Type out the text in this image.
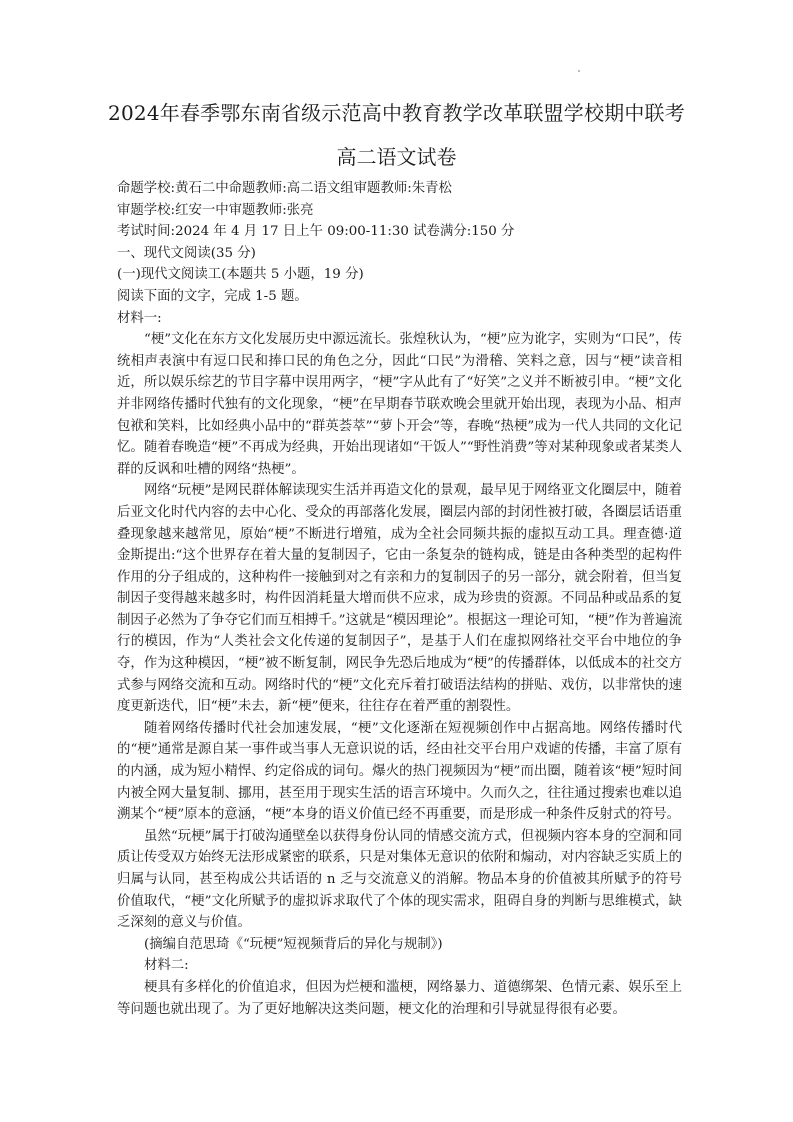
2024年春季鄂东南省级示范高中教育教学改革联盟学校期中联考
高二语文试卷

命题学校:黄石二中命题教师:高二语文组审题教师:朱青松

审题学校:红安一中审题教师:张亮

考试时间:2024 年 4 月 17 日上午 09:00-11:30 试卷满分:150 分

一、现代文阅读(35 分)

(一)现代文阅读工(本题共 5 小题，19 分)

阅读下面的文字，完成 1-5 题。

材料一:

“梗”文化在东方文化发展历史中源远流长。张煌秋认为，“梗”应为讹字，实则为“口民”，传统相声表演中有逗口民和捧口民的角色之分，因此“口民”为滑稽、笑料之意，因与“梗”读音相近，所以娱乐综艺的节目字幕中误用两字，“梗”字从此有了“好笑”之义并不断被引申。“梗”文化并非网络传播时代独有的文化现象，“梗”在早期春节联欢晚会里就开始出现，表现为小品、相声包袱和笑料，比如经典小品中的“群英荟萃”“萝卜开会”等，春晚“热梗”成为一代人共同的文化记忆。随着春晚造“梗”不再成为经典，开始出现诸如“干饭人”“野性消费”等对某种现象或者某类人群的反讽和吐槽的网络“热梗”。

网络“玩梗”是网民群体解读现实生活并再造文化的景观，最早见于网络亚文化圈层中，随着后亚文化时代内容的去中心化、受众的再部落化发展，圈层内部的封闭性被打破，各圈层话语重叠现象越来越常见，原始“梗”不断进行增殖，成为全社会同频共振的虚拟互动工具。理查德·道金斯提出:“这个世界存在着大量的复制因子，它由一条复杂的链构成，链是由各种类型的起构件作用的分子组成的，这种构件一接触到对之有亲和力的复制因子的另一部分，就会附着，但当复制因子变得越来越多时，构件因消耗量大增而供不应求，成为珍贵的资源。不同品种或品系的复制因子必然为了争夺它们而互相搏千。”这就是“模因理论”。根据这一理论可知，“梗”作为普遍流行的模因，作为“人类社会文化传递的复制因子”，是基于人们在虚拟网络社交平台中地位的争夺，作为这种模因，“梗”被不断复制，网民争先恐后地成为“梗”的传播群体，以低成本的社交方式参与网络交流和互动。网络时代的“梗”文化充斥着打破语法结构的拼贴、戏仿，以非常快的速度更新迭代，旧“梗”未去，新“梗”便来，往往存在着严重的割裂性。

随着网络传播时代社会加速发展，“梗”文化逐渐在短视频创作中占据高地。网络传播时代的“梗”通常是源自某一事件或当事人无意识说的话，经由社交平台用户戏谑的传播，丰富了原有的内涵，成为短小精悍、约定俗成的词句。爆火的热门视频因为“梗”而出圈，随着该“梗”短时间内被全网大量复制、挪用，甚至用于现实生活的语言环境中。久而久之，往往通过搜索也难以追溯某个“梗”原本的意涵，“梗”本身的语义价值已经不再重要，而是形成一种条件反射式的符号。

虽然“玩梗”属于打破沟通壁垒以获得身份认同的情感交流方式，但视频内容本身的空洞和同质让传受双方始终无法形成紧密的联系，只是对集体无意识的依附和煽动，对内容缺乏实质上的归属与认同，甚至构成公共话语的 n 乏与交流意义的消解。物品本身的价值被其所赋予的符号价值取代，“梗”文化所赋予的虚拟诉求取代了个体的现实需求，阻碍自身的判断与思维模式，缺乏深刻的意义与价值。

(摘编自范思琦《“玩梗”短视频背后的异化与规制》)

材料二:

梗具有多样化的价值追求，但因为烂梗和滥梗，网络暴力、道德绑架、色情元素、娱乐至上等问题也就出现了。为了更好地解决这类问题，梗文化的治理和引导就显得很有必要。
